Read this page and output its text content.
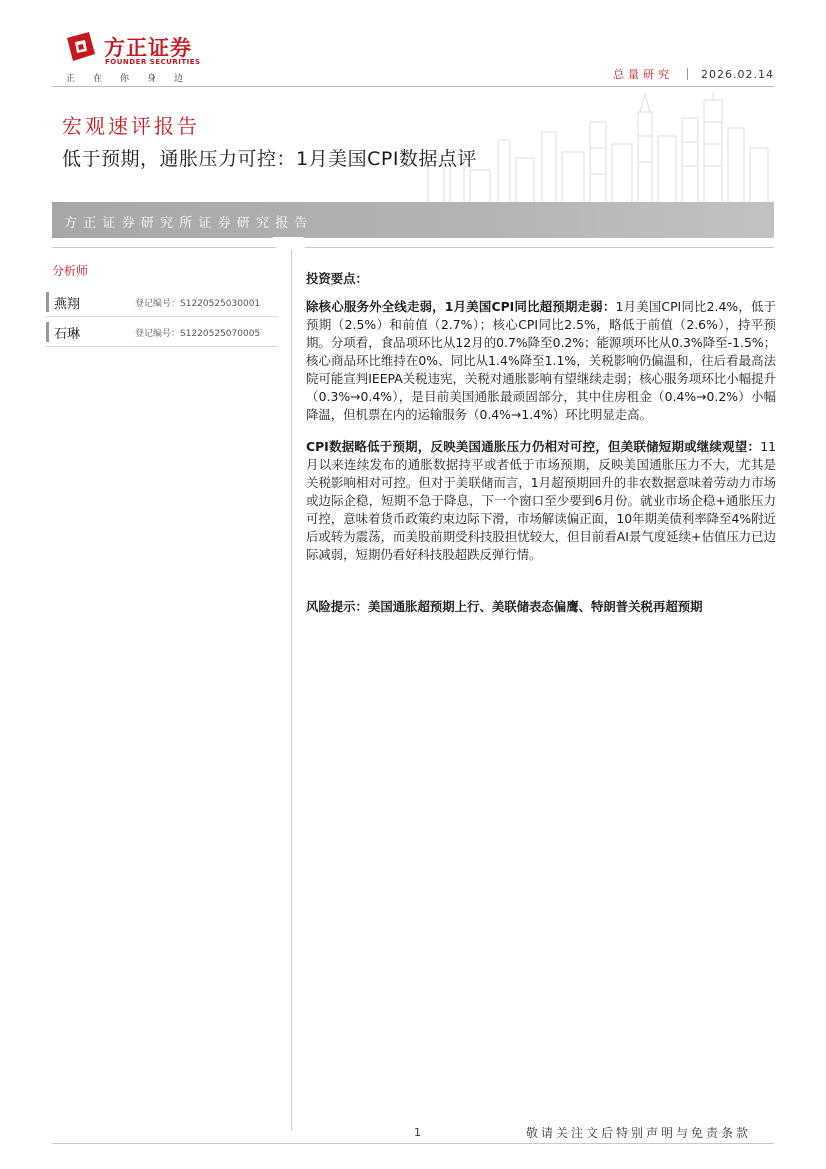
方正证券
FOUNDER SECURITIES
正在你身边	总量研究	2026.02.14
宏观速评报告
低于预期，通胀压力可控：1月美国CPI数据点评
方正证券研究所证券研究报告
分析师
燕翔	登记编号：S1220525030001
石琳	登记编号：S1220525070005

投资要点：

除核心服务外全线走弱，1月美国CPI同比超预期走弱：1月美国CPI同比2.4%，低于预期（2.5%）和前值（2.7%）；核心CPI同比2.5%，略低于前值（2.6%），持平预期。分项看，食品项环比从12月的0.7%降至0.2%；能源项环比从0.3%降至-1.5%；核心商品环比维持在0%、同比从1.4%降至1.1%，关税影响仍偏温和，往后看最高法院可能宣判IEEPA关税违宪，关税对通胀影响有望继续走弱；核心服务项环比小幅提升（0.3%→0.4%），是目前美国通胀最顽固部分，其中住房租金（0.4%→0.2%）小幅降温，但机票在内的运输服务（0.4%→1.4%）环比明显走高。

CPI数据略低于预期，反映美国通胀压力仍相对可控，但美联储短期或继续观望：11月以来连续发布的通胀数据持平或者低于市场预期，反映美国通胀压力不大，尤其是关税影响相对可控。但对于美联储而言，1月超预期回升的非农数据意味着劳动力市场或边际企稳，短期不急于降息，下一个窗口至少要到6月份。就业市场企稳+通胀压力可控，意味着货币政策约束边际下滑，市场解读偏正面，10年期美债利率降至4%附近后或转为震荡，而美股前期受科技股担忧较大，但目前看AI景气度延续+估值压力已边际减弱，短期仍看好科技股超跌反弹行情。

风险提示：美国通胀超预期上行、美联储表态偏鹰、特朗普关税再超预期

1	敬请关注文后特别声明与免责条款
